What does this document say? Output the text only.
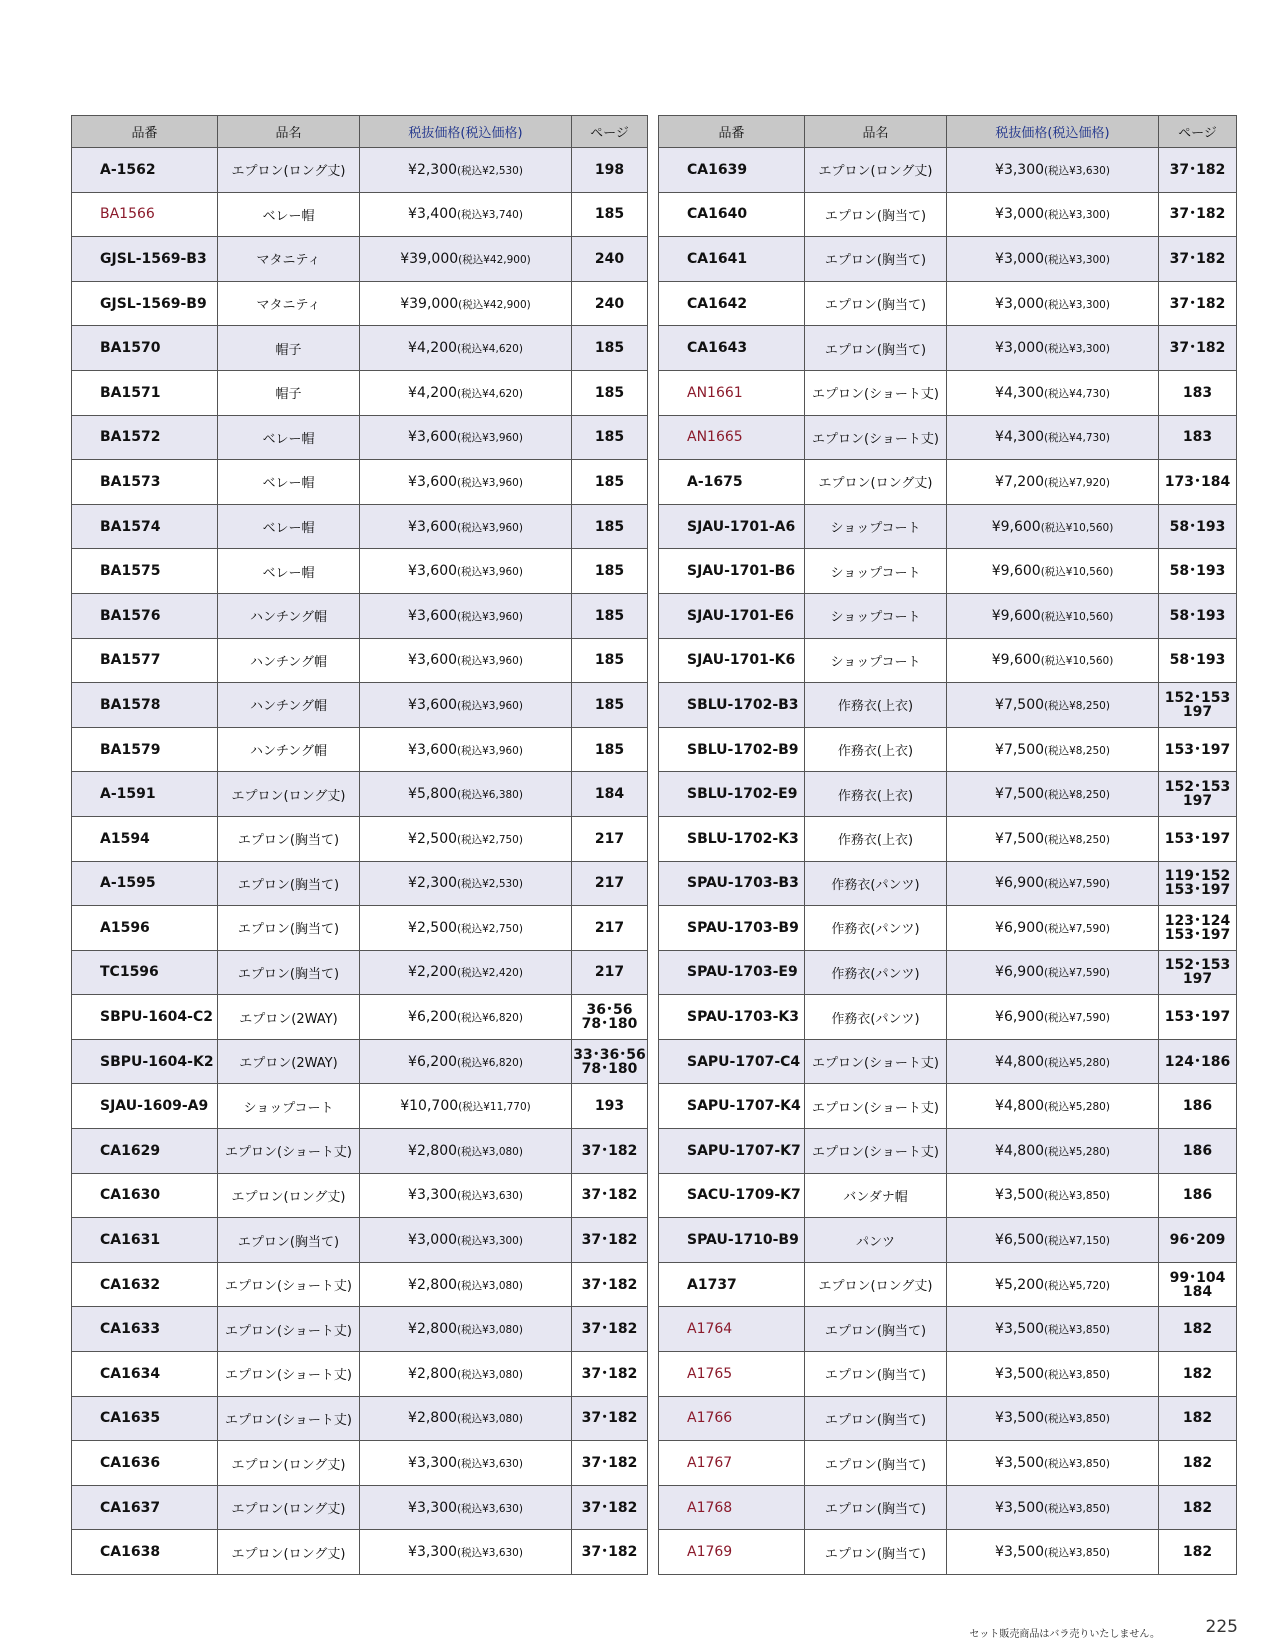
品番	品名	税抜価格(税込価格)	ページ
A-1562	エプロン(ロング丈)	¥2,300(税込¥2,530)	198
BA1566	ベレー帽	¥3,400(税込¥3,740)	185
GJSL-1569-B3	マタニティ	¥39,000(税込¥42,900)	240
GJSL-1569-B9	マタニティ	¥39,000(税込¥42,900)	240
BA1570	帽子	¥4,200(税込¥4,620)	185
BA1571	帽子	¥4,200(税込¥4,620)	185
BA1572	ベレー帽	¥3,600(税込¥3,960)	185
BA1573	ベレー帽	¥3,600(税込¥3,960)	185
BA1574	ベレー帽	¥3,600(税込¥3,960)	185
BA1575	ベレー帽	¥3,600(税込¥3,960)	185
BA1576	ハンチング帽	¥3,600(税込¥3,960)	185
BA1577	ハンチング帽	¥3,600(税込¥3,960)	185
BA1578	ハンチング帽	¥3,600(税込¥3,960)	185
BA1579	ハンチング帽	¥3,600(税込¥3,960)	185
A-1591	エプロン(ロング丈)	¥5,800(税込¥6,380)	184
A1594	エプロン(胸当て)	¥2,500(税込¥2,750)	217
A-1595	エプロン(胸当て)	¥2,300(税込¥2,530)	217
A1596	エプロン(胸当て)	¥2,500(税込¥2,750)	217
TC1596	エプロン(胸当て)	¥2,200(税込¥2,420)	217
SBPU-1604-C2	エプロン(2WAY)	¥6,200(税込¥6,820)	36･56 78･180
SBPU-1604-K2	エプロン(2WAY)	¥6,200(税込¥6,820)	33･36･56 78･180
SJAU-1609-A9	ショップコート	¥10,700(税込¥11,770)	193
CA1629	エプロン(ショート丈)	¥2,800(税込¥3,080)	37･182
CA1630	エプロン(ロング丈)	¥3,300(税込¥3,630)	37･182
CA1631	エプロン(胸当て)	¥3,000(税込¥3,300)	37･182
CA1632	エプロン(ショート丈)	¥2,800(税込¥3,080)	37･182
CA1633	エプロン(ショート丈)	¥2,800(税込¥3,080)	37･182
CA1634	エプロン(ショート丈)	¥2,800(税込¥3,080)	37･182
CA1635	エプロン(ショート丈)	¥2,800(税込¥3,080)	37･182
CA1636	エプロン(ロング丈)	¥3,300(税込¥3,630)	37･182
CA1637	エプロン(ロング丈)	¥3,300(税込¥3,630)	37･182
CA1638	エプロン(ロング丈)	¥3,300(税込¥3,630)	37･182
品番	品名	税抜価格(税込価格)	ページ
CA1639	エプロン(ロング丈)	¥3,300(税込¥3,630)	37･182
CA1640	エプロン(胸当て)	¥3,000(税込¥3,300)	37･182
CA1641	エプロン(胸当て)	¥3,000(税込¥3,300)	37･182
CA1642	エプロン(胸当て)	¥3,000(税込¥3,300)	37･182
CA1643	エプロン(胸当て)	¥3,000(税込¥3,300)	37･182
AN1661	エプロン(ショート丈)	¥4,300(税込¥4,730)	183
AN1665	エプロン(ショート丈)	¥4,300(税込¥4,730)	183
A-1675	エプロン(ロング丈)	¥7,200(税込¥7,920)	173･184
SJAU-1701-A6	ショップコート	¥9,600(税込¥10,560)	58･193
SJAU-1701-B6	ショップコート	¥9,600(税込¥10,560)	58･193
SJAU-1701-E6	ショップコート	¥9,600(税込¥10,560)	58･193
SJAU-1701-K6	ショップコート	¥9,600(税込¥10,560)	58･193
SBLU-1702-B3	作務衣(上衣)	¥7,500(税込¥8,250)	152･153 197
SBLU-1702-B9	作務衣(上衣)	¥7,500(税込¥8,250)	153･197
SBLU-1702-E9	作務衣(上衣)	¥7,500(税込¥8,250)	152･153 197
SBLU-1702-K3	作務衣(上衣)	¥7,500(税込¥8,250)	153･197
SPAU-1703-B3	作務衣(パンツ)	¥6,900(税込¥7,590)	119･152 153･197
SPAU-1703-B9	作務衣(パンツ)	¥6,900(税込¥7,590)	123･124 153･197
SPAU-1703-E9	作務衣(パンツ)	¥6,900(税込¥7,590)	152･153 197
SPAU-1703-K3	作務衣(パンツ)	¥6,900(税込¥7,590)	153･197
SAPU-1707-C4	エプロン(ショート丈)	¥4,800(税込¥5,280)	124･186
SAPU-1707-K4	エプロン(ショート丈)	¥4,800(税込¥5,280)	186
SAPU-1707-K7	エプロン(ショート丈)	¥4,800(税込¥5,280)	186
SACU-1709-K7	バンダナ帽	¥3,500(税込¥3,850)	186
SPAU-1710-B9	パンツ	¥6,500(税込¥7,150)	96･209
A1737	エプロン(ロング丈)	¥5,200(税込¥5,720)	99･104 184
A1764	エプロン(胸当て)	¥3,500(税込¥3,850)	182
A1765	エプロン(胸当て)	¥3,500(税込¥3,850)	182
A1766	エプロン(胸当て)	¥3,500(税込¥3,850)	182
A1767	エプロン(胸当て)	¥3,500(税込¥3,850)	182
A1768	エプロン(胸当て)	¥3,500(税込¥3,850)	182
A1769	エプロン(胸当て)	¥3,500(税込¥3,850)	182
セット販売商品はバラ売りいたしません。	225
